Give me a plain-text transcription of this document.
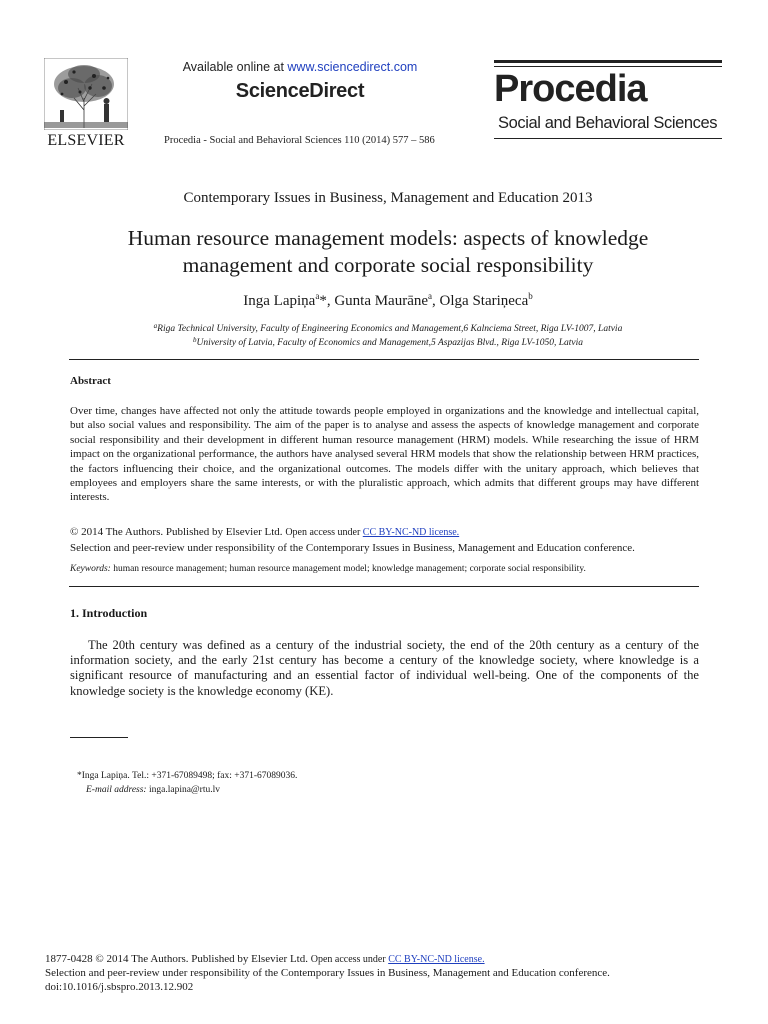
ELSEVIER
Available online at www.sciencedirect.com
ScienceDirect
Procedia - Social and Behavioral Sciences 110 (2014) 577 – 586
Procedia
Social and Behavioral Sciences
Contemporary Issues in Business, Management and Education 2013
Human resource management models: aspects of knowledge
management and corporate social responsibility
Inga Lapiņa$^a$*, Gunta Maurāne$^a$, Olga Stariņeca$^b$
$^a$Riga Technical University, Faculty of Engineering Economics and Management,6 Kalnciema Street, Riga LV-1007, Latvia
$^b$University of Latvia, Faculty of Economics and Management,5 Aspazijas Blvd., Riga LV-1050, Latvia
Abstract
Over time, changes have affected not only the attitude towards people employed in organizations and the knowledge and intellectual capital, but also social values and responsibility. The aim of the paper is to analyse and assess the aspects of knowledge management and corporate social responsibility and their development in different human resource management (HRM) models. While researching the issue of HRM impact on the organizational performance, the authors have analysed several HRM models that show the relationship between HRM practices, the factors influencing their choice, and the organizational outcomes. The models differ with the unitary approach, which believes that employees and employers share the same interests, or with the pluralistic approach, which admits that different groups may have different interests.
© 2014 The Authors. Published by Elsevier Ltd. Open access under CC BY-NC-ND license.
Selection and peer-review under responsibility of the Contemporary Issues in Business, Management and Education conference.
Keywords: human resource management; human resource management model; knowledge management; corporate social responsibility.
1. Introduction
The 20th century was defined as a century of the industrial society, the end of the 20th century as a century of the information society, and the early 21st century has become a century of the knowledge society, where knowledge is a significant resource of manufacturing and an essential factor of individual well-being. One of the components of the knowledge society is the knowledge economy (KE).
*Inga Lapiņa. Tel.: +371-67089498; fax: +371-67089036.
E-mail address: inga.lapina@rtu.lv
1877-0428 © 2014 The Authors. Published by Elsevier Ltd. Open access under CC BY-NC-ND license.
Selection and peer-review under responsibility of the Contemporary Issues in Business, Management and Education conference.
doi:10.1016/j.sbspro.2013.12.902
